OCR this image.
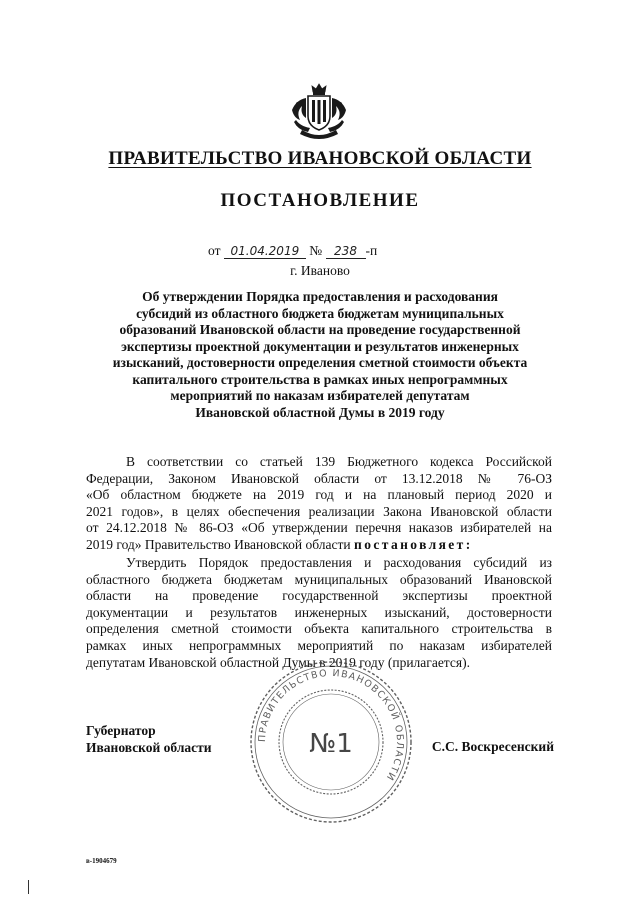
ПРАВИТЕЛЬСТВО ИВАНОВСКОЙ ОБЛАСТИ
ПОСТАНОВЛЕНИЕ
от 01.04.2019 № 238 -п
г. Иваново
Об утверждении Порядка предоставления и расходования
субсидий из областного бюджета бюджетам муниципальных
образований Ивановской области на проведение государственной
экспертизы проектной документации и результатов инженерных
изысканий, достоверности определения сметной стоимости объекта
капитального строительства в рамках иных непрограммных
мероприятий по наказам избирателей депутатам
Ивановской областной Думы в 2019 году
В соответствии со статьей 139 Бюджетного кодекса Российской
Федерации, Законом Ивановской области от 13.12.2018 № 76-ОЗ
«Об областном бюджете на 2019 год и на плановый период 2020 и
2021 годов», в целях обеспечения реализации Закона Ивановской области
от 24.12.2018 № 86-ОЗ «Об утверждении перечня наказов избирателей на
2019 год» Правительство Ивановской области постановляет:
Утвердить Порядок предоставления и расходования субсидий из
областного бюджета бюджетам муниципальных образований Ивановской
области на проведение государственной экспертизы проектной
документации и результатов инженерных изысканий, достоверности
определения сметной стоимости объекта капитального строительства в
рамках иных непрограммных мероприятий по наказам избирателей
депутатам Ивановской областной Думы в 2019 году (прилагается).
Губернатор
Ивановской области	С.С. Воскресенский
ПРАВИТЕЛЬСТВО ИВАНОВСКОЙ ОБЛАСТИ
№1
в-1904679
